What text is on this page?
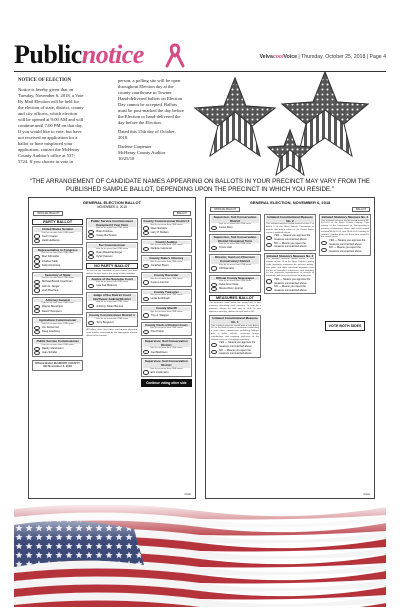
Publicnotice	VelvacoolVoice | Thursday, October 25, 2018 | Page 4
NOTICE OF ELECTION

Notice is hereby given that on Tuesday, November 6, 2018, a Vote By Mail Election will be held for the election of state, district, county and city officers, which election will be opened at 9:00 AM and will continue until 7:00 PM on that day. If you would like to vote, but have not received an application for a ballot or have misplaced your application, contact the McHenry County Auditor's office at 537-5724. If you choose to vote in

person, a polling site will be open throughout Election day at the county courthouse in Towner. Hand-delivered ballots on Election Day cannot be accepted. Ballots must be post-marked the day before the Election or hand-delivered the day before the Election.

Dated this 15th day of October, 2018.

Darlene Carpenter

McHenry County Auditor

10/25/18

"THE ARRANGEMENT OF CANDIDATE NAMES APPEARING ON BALLOTS IN YOUR PRECINCT MAY VARY FROM THE PUBLISHED SAMPLE BALLOT, DEPENDING UPON THE PRECINCT IN WHICH YOU RESIDE."
GENERAL ELECTION BALLOT
NOVEMBER 6, 2018
OFFICIAL BALLOT	BALLOT
PARTY BALLOT
United States Senator
Vote for no more than ONE name
Kevin Cramer
Heidi Heitkamp
Representative in Congress
Vote for no more than ONE name
Mac Schneider
Charles Tuttle
Kelly Armstrong
Secretary of State
Vote for no more than ONE name
Michael Brandt Coachman
Alvin E. Jaeger
Josh Boschee
Attorney General
Vote for no more than ONE name
Wayne Stenehjem
David Thompson
Agriculture Commissioner
Vote for no more than ONE name
Jim Dotzenrod
Doug Goehring
Public Service Commissioner
Vote for no more than ONE name
Randy Christmann
Jean Schafer
Official Ballot McHENRY COUNTY, ND November 6, 2018
Public Service Commissioner Unexpired 2 Year Term
Vote for no more than ONE name
Brian Kroshus
Casey Buchmann
Tax Commissioner
Vote for no more than ONE name
Ryan Rauschenberger
Kylie Oversen
NO PARTY BALLOT
To vote for the candidate of your choice, you must darken the oval next to the name of that candidate.
Justice of the Supreme Court
Vote for no more than ONE name
Lisa Fair McEvers
Judge of the District Court Northeast Judicial District
Vote for no more than ONE name
Anthony Swain Benson
County Commissioner District 1
Vote for no more than ONE name
Terry Bergerud
All ballots, other than those used to vote absentee, must first be authorized by the appropriate election official to be counted.
County Commissioner District 3
Vote for no more than ONE name
Dave Sanders
Larry P. Mattern
County Auditor
Vote for no more than ONE name
Darlene Carpenter
County State's Attorney
Vote for no more than ONE name
Jonathan Byers
County Recorder
Vote for no more than ONE name
Karen Lorenzen
County Treasurer
Vote for no more than ONE name
Linda Krebsbach
County Sheriff
Vote for no more than ONE name
Troy A. Walgren
County Clerk of District Court
Vote for no more than ONE name
Tina Probst
Supervisor, Soil Conservation District
Vote for no more than ONE name
Joel Martinson
Supervisor, Soil Conservation District
Vote for no more than ONE name
Eric Lindemann
Continue voting other side
Initials
GENERAL ELECTION, NOVEMBER 6, 2018
OFFICIAL BALLOT	BALLOT
Supervisor, Soil Conservation District
Vote for no more than ONE name
Lance Klein
Supervisor, Soil Conservation District Unexpired Term
Vote for no more than ONE name
Trevor Hall
Director, Garrison Diversion Conservancy District
Vote for no more than ONE name
Cliff Hanratty
Official County Newspaper
Vote for no more than ONE name
Velva Area Voice
Mouse River Journal
MEASURES BALLOT
The measures listed below are printed with a brief summary describing each measure. To vote for a measure, darken the oval next to YES. To vote against a measure, darken the oval next to NO.
Initiated Constitutional Measure No. 1
This initiated measure would add a new Article XIV to the North Dakota Constitution establishing a state ethics commission, prohibiting lobbyist gifts to public officials, restricting foreign contributions and requiring disclosure of the ultimate sources of campaign spending.
YES — Means you approve the measure summarized above
NO — Means you reject the measure summarized above
Initiated Constitutional Measure No. 2
This initiated measure would amend section 1 of Article II of the North Dakota Constitution to provide that only a citizen of the United States can be a qualified elector.
YES — Means you approve the measure summarized above
NO — Means you reject the measure summarized above
Initiated Statutory Measure No. 3
This initiated measure would create a new chapter to title 19 of the North Dakota Century Code legalizing marijuana for persons twenty-one years and older, removing marijuana from the list of controlled substances, and providing for the automatic expungement of records of individuals with drug convictions for marijuana.
YES — Means you approve the measure summarized above
NO — Means you reject the measure summarized above
Initiated Statutory Measure No. 4
This initiated measure would amend section 39-04-10.12 of the North Dakota Century Code relating to the Department of Transportation's issuance of distinctive plates, and would amend sections 39-04-10.11 and 39-04-10.14 relating to veterans' number plates for those who served in the armed forces.
YES — Means you approve the measure summarized above
NO — Means you reject the measure summarized above
VOTE BOTH SIDES
Initials
